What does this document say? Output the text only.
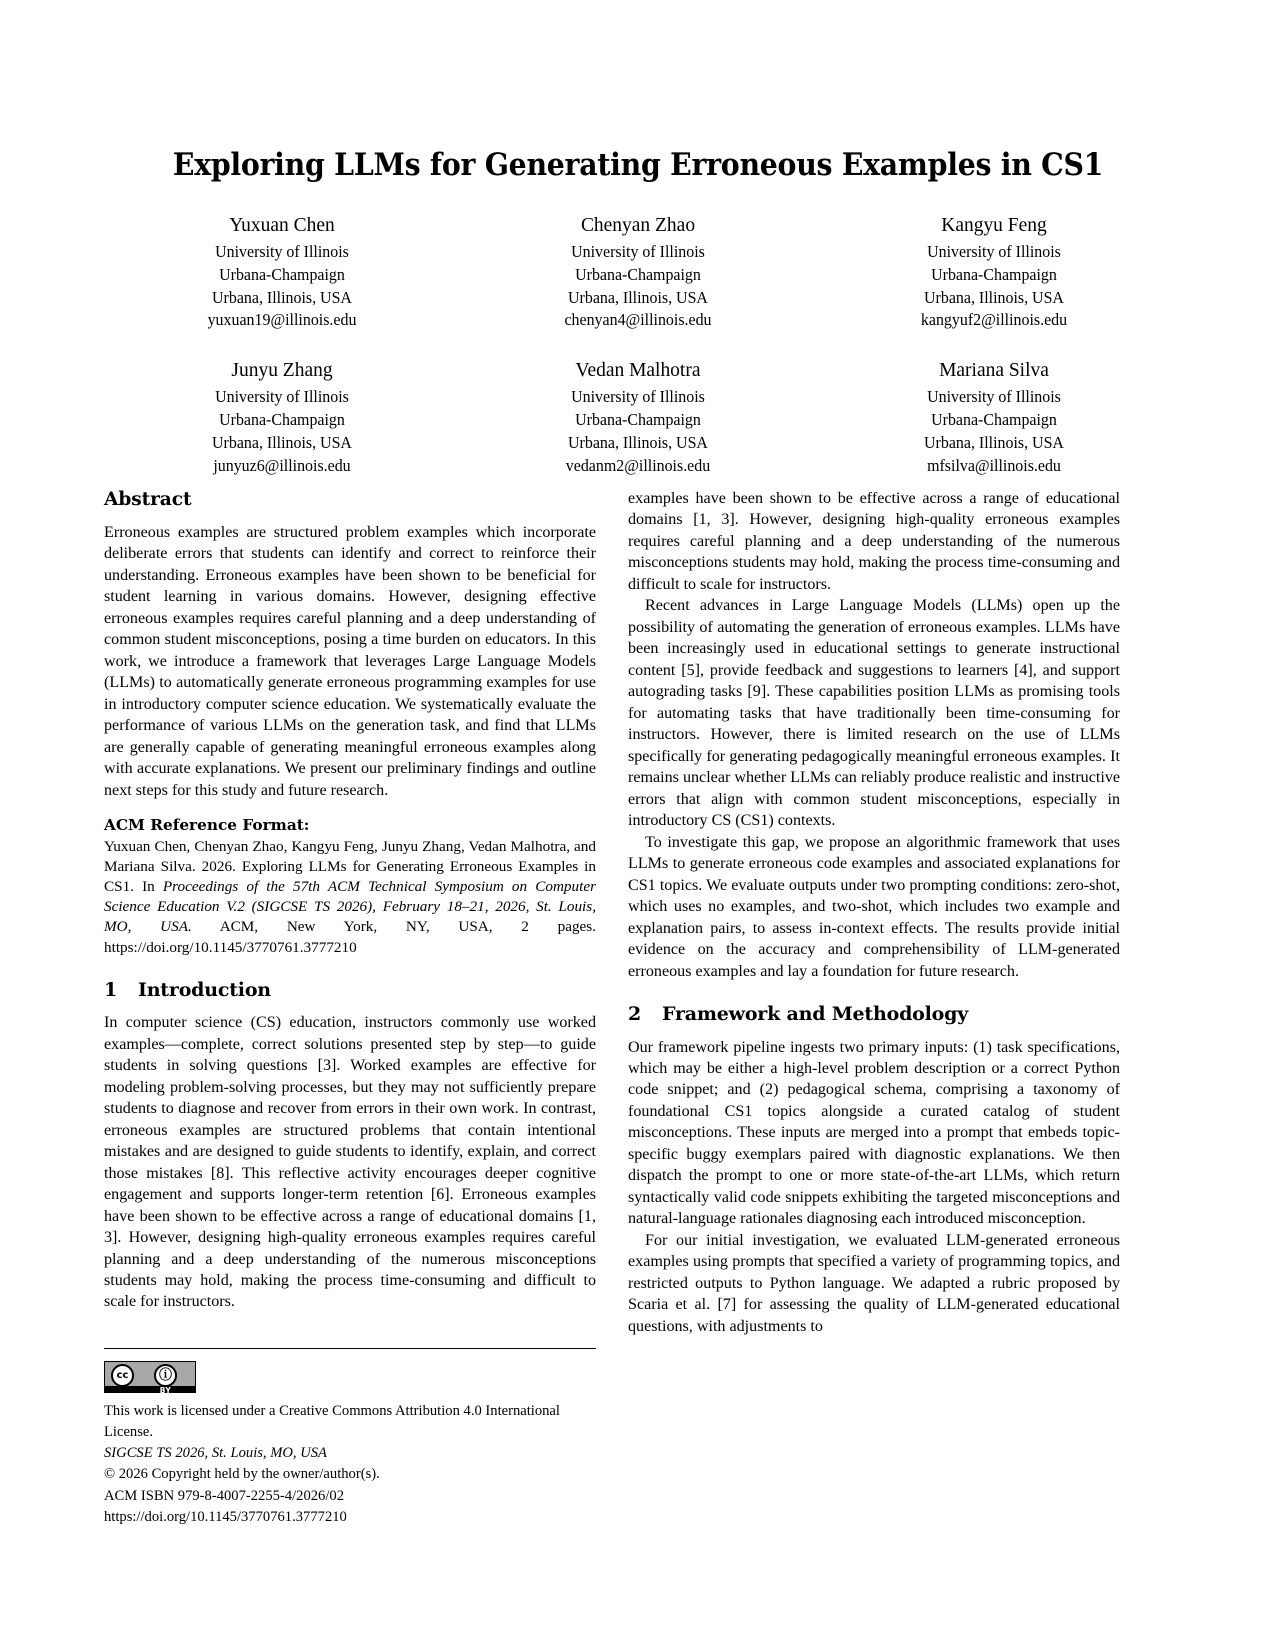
Exploring LLMs for Generating Erroneous Examples in CS1
Yuxuan Chen
University of Illinois
Urbana-Champaign
Urbana, Illinois, USA
yuxuan19@illinois.edu
Chenyan Zhao
University of Illinois
Urbana-Champaign
Urbana, Illinois, USA
chenyan4@illinois.edu
Kangyu Feng
University of Illinois
Urbana-Champaign
Urbana, Illinois, USA
kangyuf2@illinois.edu
Junyu Zhang
University of Illinois
Urbana-Champaign
Urbana, Illinois, USA
junyuz6@illinois.edu
Vedan Malhotra
University of Illinois
Urbana-Champaign
Urbana, Illinois, USA
vedanm2@illinois.edu
Mariana Silva
University of Illinois
Urbana-Champaign
Urbana, Illinois, USA
mfsilva@illinois.edu
Abstract

Erroneous examples are structured problem examples which incorporate deliberate errors that students can identify and correct to reinforce their understanding. Erroneous examples have been shown to be beneficial for student learning in various domains. However, designing effective erroneous examples requires careful planning and a deep understanding of common student misconceptions, posing a time burden on educators. In this work, we introduce a framework that leverages Large Language Models (LLMs) to automatically generate erroneous programming examples for use in introductory computer science education. We systematically evaluate the performance of various LLMs on the generation task, and find that LLMs are generally capable of generating meaningful erroneous examples along with accurate explanations. We present our preliminary findings and outline next steps for this study and future research.

ACM Reference Format:

Yuxuan Chen, Chenyan Zhao, Kangyu Feng, Junyu Zhang, Vedan Malhotra, and Mariana Silva. 2026. Exploring LLMs for Generating Erroneous Examples in CS1. In Proceedings of the 57th ACM Technical Symposium on Computer Science Education V.2 (SIGCSE TS 2026), February 18–21, 2026, St. Louis, MO, USA. ACM, New York, NY, USA, 2 pages. https://doi.org/10.1145/3770761.3777210

1	Introduction

In computer science (CS) education, instructors commonly use worked examples—complete, correct solutions presented step by step—to guide students in solving questions [3]. Worked examples are effective for modeling problem-solving processes, but they may not sufficiently prepare students to diagnose and recover from errors in their own work. In contrast, erroneous examples are structured problems that contain intentional mistakes and are designed to guide students to identify, explain, and correct those mistakes [8]. This reflective activity encourages deeper cognitive engagement and supports longer-term retention [6]. Erroneous examples have been shown to be effective across a range of educational domains [1, 3]. However, designing high-quality erroneous examples requires careful planning and a deep understanding of the numerous misconceptions students may hold, making the process time-consuming and difficult to scale for instructors.

examples have been shown to be effective across a range of educational domains [1, 3]. However, designing high-quality erroneous examples requires careful planning and a deep understanding of the numerous misconceptions students may hold, making the process time-consuming and difficult to scale for instructors.

Recent advances in Large Language Models (LLMs) open up the possibility of automating the generation of erroneous examples. LLMs have been increasingly used in educational settings to generate instructional content [5], provide feedback and suggestions to learners [4], and support autograding tasks [9]. These capabilities position LLMs as promising tools for automating tasks that have traditionally been time-consuming for instructors. However, there is limited research on the use of LLMs specifically for generating pedagogically meaningful erroneous examples. It remains unclear whether LLMs can reliably produce realistic and instructive errors that align with common student misconceptions, especially in introductory CS (CS1) contexts.

To investigate this gap, we propose an algorithmic framework that uses LLMs to generate erroneous code examples and associated explanations for CS1 topics. We evaluate outputs under two prompting conditions: zero-shot, which uses no examples, and two-shot, which includes two example and explanation pairs, to assess in-context effects. The results provide initial evidence on the accuracy and comprehensibility of LLM-generated erroneous examples and lay a foundation for future research.

2	Framework and Methodology

Our framework pipeline ingests two primary inputs: (1) task specifications, which may be either a high-level problem description or a correct Python code snippet; and (2) pedagogical schema, comprising a taxonomy of foundational CS1 topics alongside a curated catalog of student misconceptions. These inputs are merged into a prompt that embeds topic-specific buggy exemplars paired with diagnostic explanations. We then dispatch the prompt to one or more state-of-the-art LLMs, which return syntactically valid code snippets exhibiting the targeted misconceptions and natural-language rationales diagnosing each introduced misconception.

For our initial investigation, we evaluated LLM-generated erroneous examples using prompts that specified a variety of programming topics, and restricted outputs to Python language. We adapted a rubric proposed by Scaria et al. [7] for assessing the quality of LLM-generated educational questions, with adjustments to

cc	ⓘ
BY
This work is licensed under a Creative Commons Attribution 4.0 International License.
SIGCSE TS 2026, St. Louis, MO, USA
© 2026 Copyright held by the owner/author(s).
ACM ISBN 979-8-4007-2255-4/2026/02
https://doi.org/10.1145/3770761.3777210
